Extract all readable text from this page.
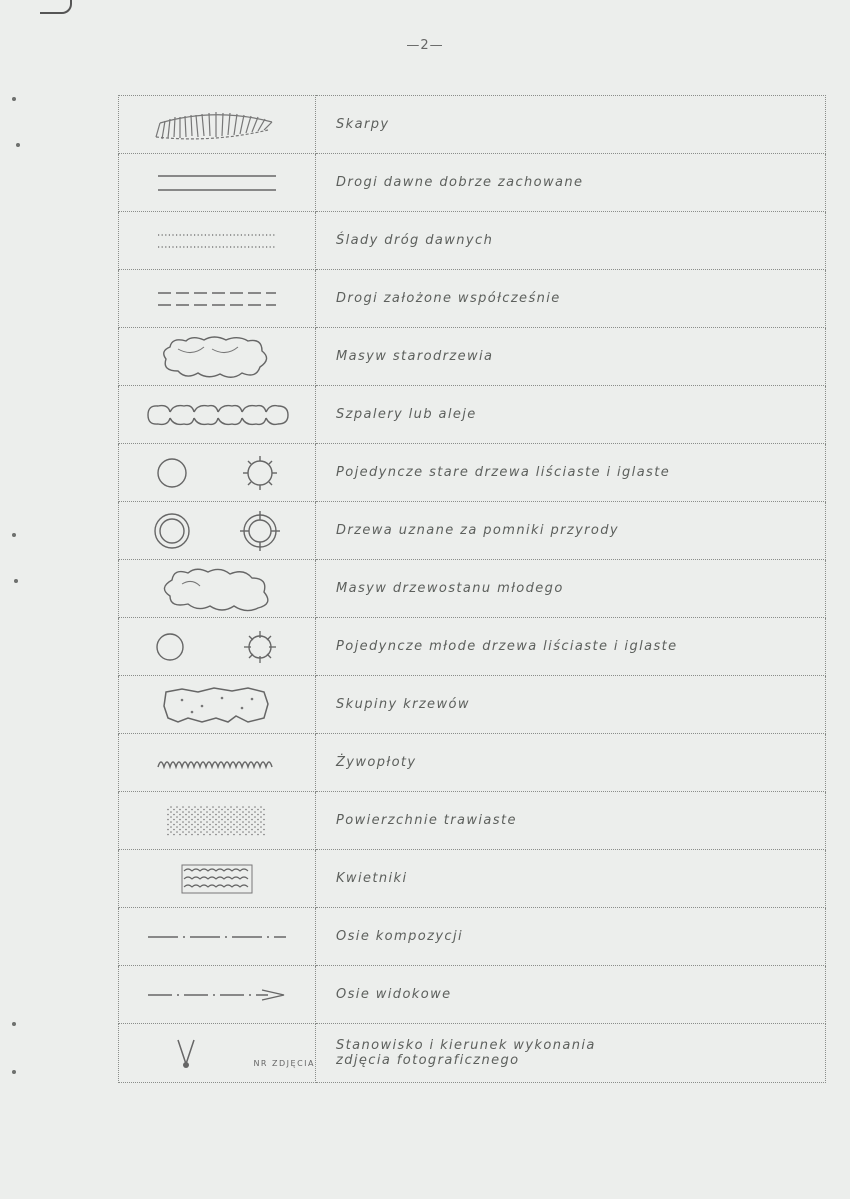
—2—
	Skarpy

	Drogi dawne dobrze zachowane

	Ślady dróg dawnych

	Drogi założone współcześnie

	Masyw starodrzewia

	Szpalery lub aleje

	Pojedyncze stare drzewa liściaste i iglaste

	Drzewa uznane za pomniki przyrody

	Masyw drzewostanu młodego

	Pojedyncze młode drzewa liściaste i iglaste

	Skupiny krzewów

	Żywopłoty

	Powierzchnie trawiaste

	Kwietniki

	Osie kompozycji

	Osie widokowe

NR ZDJĘCIA	Stanowisko i kierunek wykonania
zdjęcia fotograficznego
